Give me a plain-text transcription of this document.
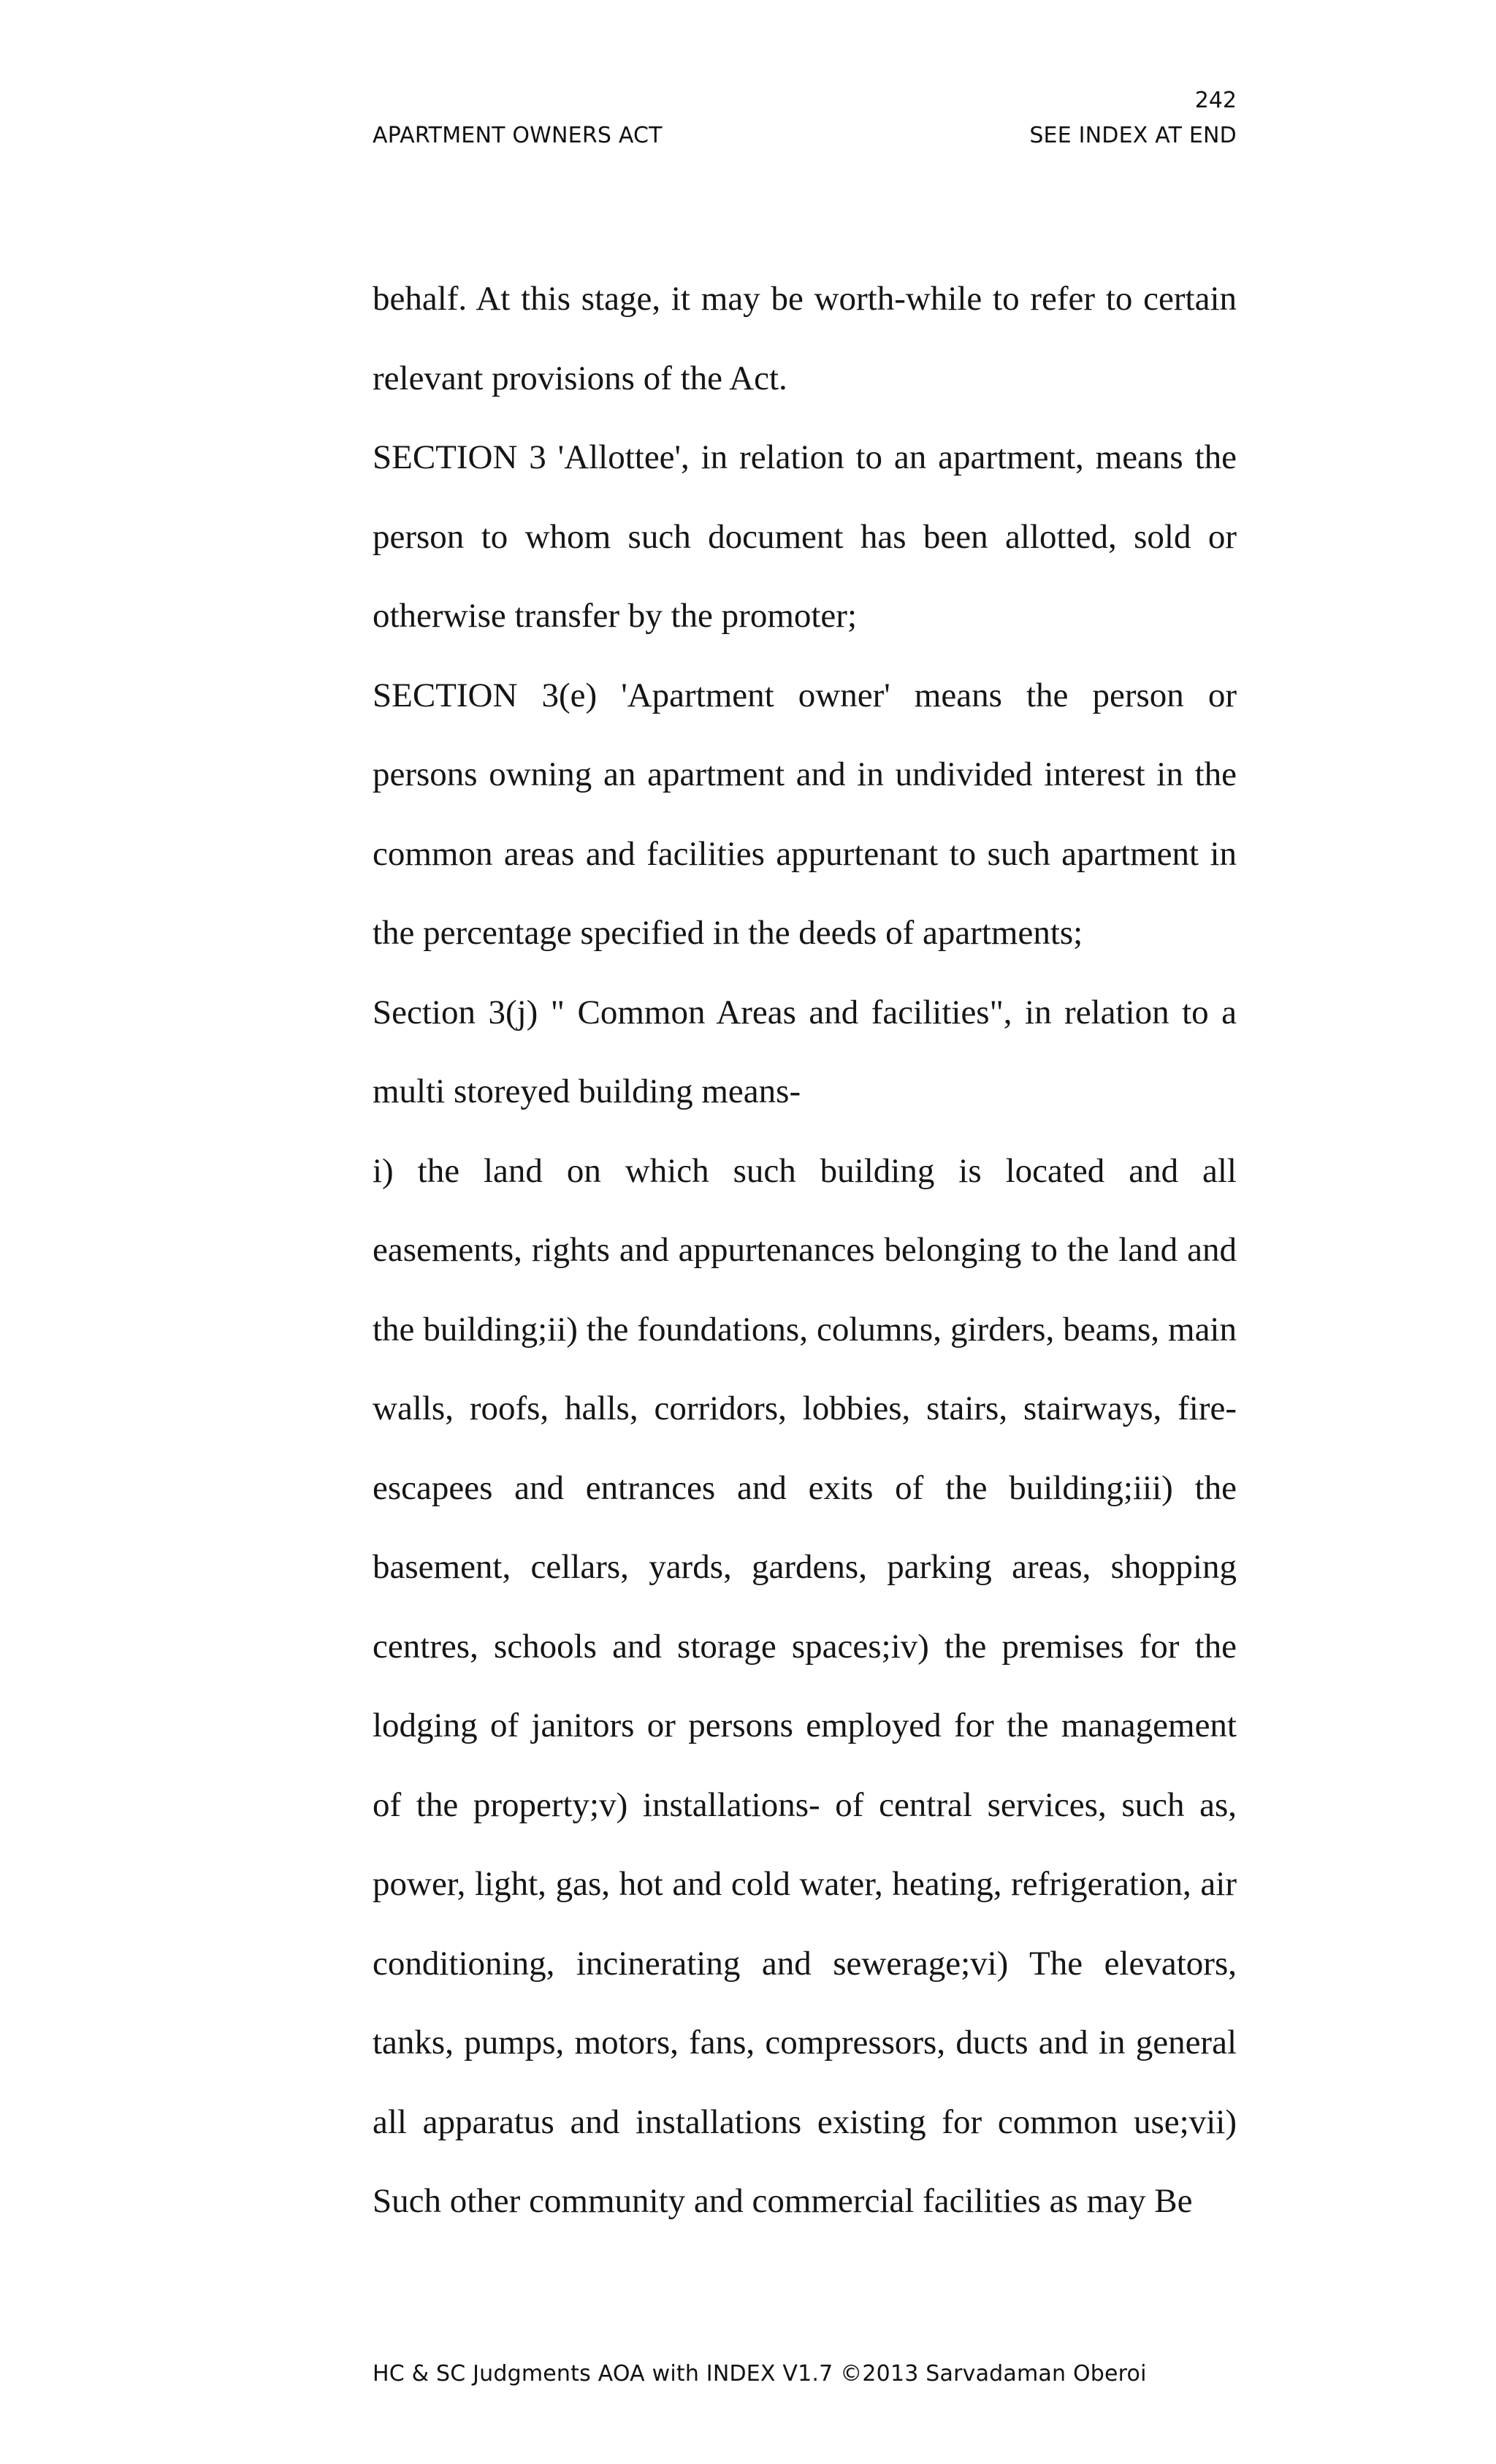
242
APARTMENT OWNERS ACT	SEE INDEX AT END
behalf. At this stage, it may be worth-while to refer to certain
relevant provisions of the Act.
SECTION 3 'Allottee', in relation to an apartment, means the
person to whom such document has been allotted, sold or
otherwise transfer by the promoter;
SECTION 3(e) 'Apartment owner' means the person or
persons owning an apartment and in undivided interest in the
common areas and facilities appurtenant to such apartment in
the percentage specified in the deeds of apartments;
Section 3(j) " Common Areas and facilities", in relation to a
multi storeyed building means-
i) the land on which such building is located and all
easements, rights and appurtenances belonging to the land and
the building;ii) the foundations, columns, girders, beams, main
walls, roofs, halls, corridors, lobbies, stairs, stairways, fire-
escapees and entrances and exits of the building;iii) the
basement, cellars, yards, gardens, parking areas, shopping
centres, schools and storage spaces;iv) the premises for the
lodging of janitors or persons employed for the management
of the property;v) installations- of central services, such as,
power, light, gas, hot and cold water, heating, refrigeration, air
conditioning, incinerating and sewerage;vi) The elevators,
tanks, pumps, motors, fans, compressors, ducts and in general
all apparatus and installations existing for common use;vii)
Such other community and commercial facilities as may Be
HC & SC Judgments AOA with INDEX V1.7 ©2013 Sarvadaman Oberoi
